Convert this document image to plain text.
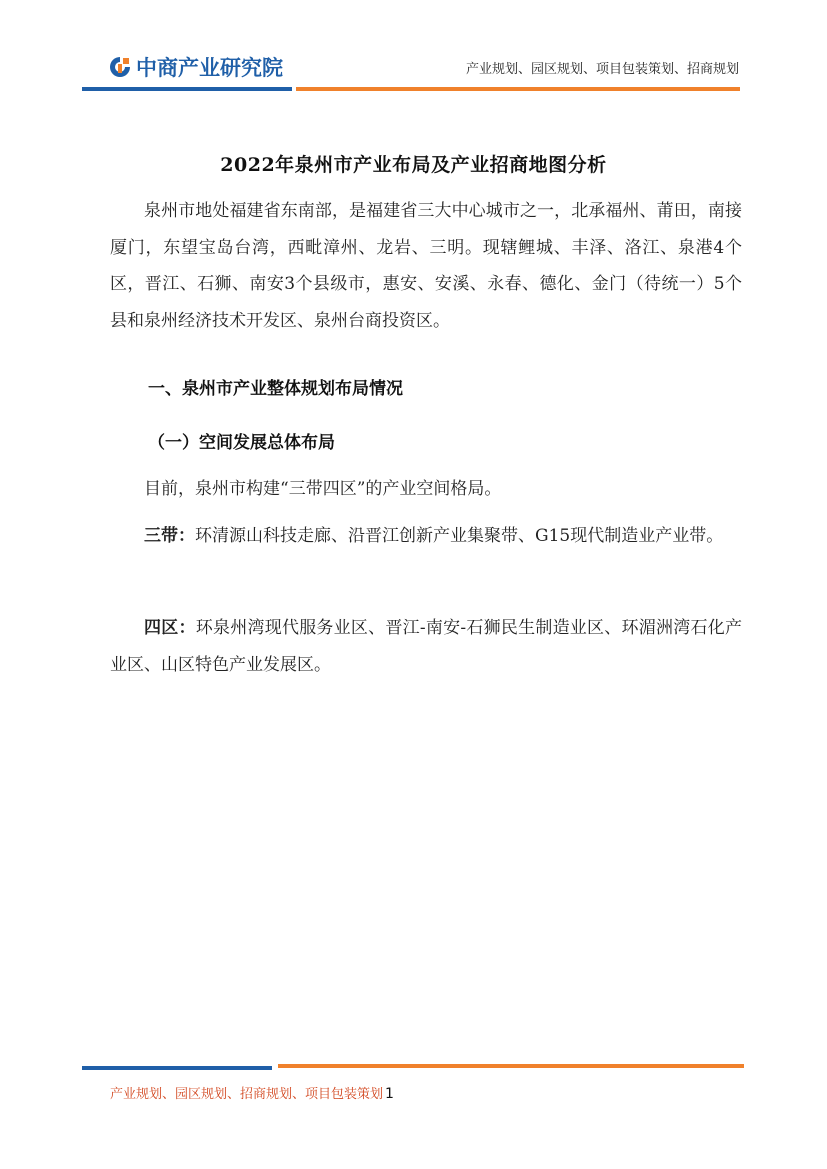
中商产业研究院	产业规划、园区规划、项目包装策划、招商规划
2022年泉州市产业布局及产业招商地图分析
泉州市地处福建省东南部，是福建省三大中心城市之一，北承福州、莆田，南接厦门，东望宝岛台湾，西毗漳州、龙岩、三明。现辖鲤城、丰泽、洛江、泉港4个区，晋江、石狮、南安3个县级市，惠安、安溪、永春、德化、金门（待统一）5个县和泉州经济技术开发区、泉州台商投资区。
一、泉州市产业整体规划布局情况
（一）空间发展总体布局
目前，泉州市构建“三带四区”的产业空间格局。
三带：环清源山科技走廊、沿晋江创新产业集聚带、G15现代制造业产业带。
四区：环泉州湾现代服务业区、晋江-南安-石狮民生制造业区、环湄洲湾石化产业区、山区特色产业发展区。
产业规划、园区规划、招商规划、项目包装策划 1
